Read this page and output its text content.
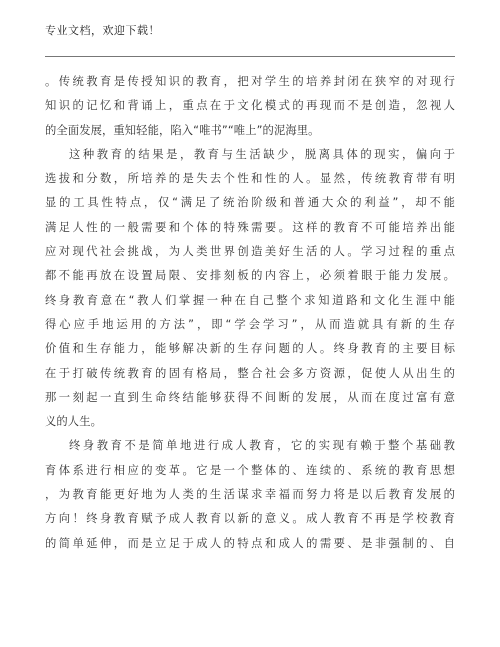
专业文档，欢迎下载！
。传统教育是传授知识的教育，把对学生的培养封闭在狭窄的对现行
知识的记忆和背诵上，重点在于文化模式的再现而不是创造，忽视人
的全面发展，重知轻能，陷入“唯书”“唯上”的泥海里。
这种教育的结果是，教育与生活缺少，脱离具体的现实，偏向于
选拔和分数，所培养的是失去个性和性的人。显然，传统教育带有明
显的工具性特点，仅“满足了统治阶级和普通大众的利益”，却不能
满足人性的一般需要和个体的特殊需要。这样的教育不可能培养出能
应对现代社会挑战，为人类世界创造美好生活的人。学习过程的重点
都不能再放在设置局限、安排刻板的内容上，必须着眼于能力发展。
终身教育意在“教人们掌握一种在自己整个求知道路和文化生涯中能
得心应手地运用的方法”，即“学会学习”，从而造就具有新的生存
价值和生存能力，能够解决新的生存问题的人。终身教育的主要目标
在于打破传统教育的固有格局，整合社会多方资源，促使人从出生的
那一刻起一直到生命终结能够获得不间断的发展，从而在度过富有意
义的人生。
终身教育不是简单地进行成人教育，它的实现有赖于整个基础教
育体系进行相应的变革。它是一个整体的、连续的、系统的教育思想
，为教育能更好地为人类的生活谋求幸福而努力将是以后教育发展的
方向！终身教育赋予成人教育以新的意义。成人教育不再是学校教育
的简单延伸，而是立足于成人的特点和成人的需要、是非强制的、自
